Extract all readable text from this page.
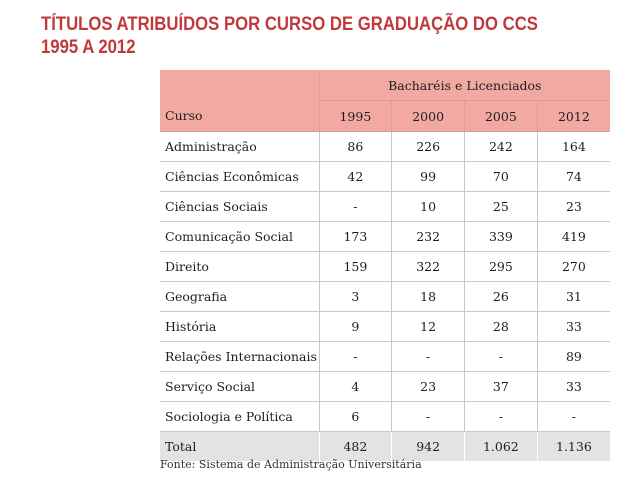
TÍTULOS ATRIBUÍDOS POR CURSO DE GRADUAÇÃO DO CCS
1995 A 2012
	Bacharéis e Licenciados			
Curso	1995	2000	2005	2012
Administração	86	226	242	164
Ciências Econômicas	42	99	70	74
Ciências Sociais	-	10	25	23
Comunicação Social	173	232	339	419
Direito	159	322	295	270
Geografia	3	18	26	31
História	9	12	28	33
Relações Internacionais	-	-	-	89
Serviço Social	4	23	37	33
Sociologia e Política	6	-	-	-
Total	482	942	1.062	1.136
Fonte: Sistema de Administração Universitária
